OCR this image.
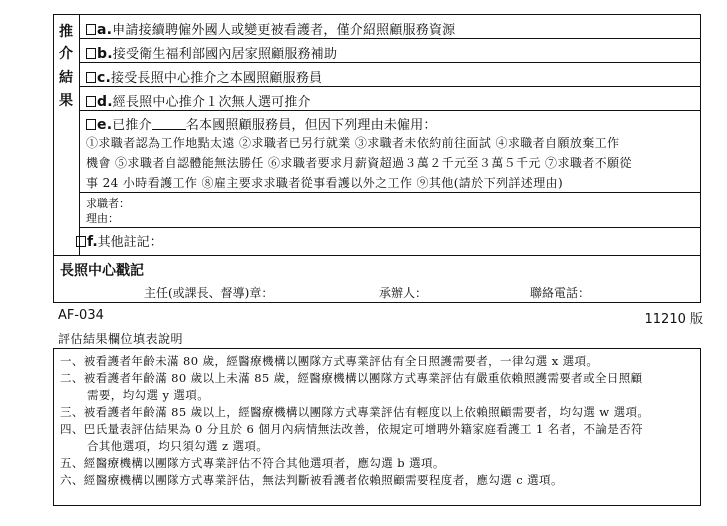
推
介
結
果
a.申請接續聘僱外國人或變更被看護者，僅介紹照顧服務資源
b.接受衛生福利部國內居家照顧服務補助
c.接受長照中心推介之本國照顧服務員
d.經長照中心推介１次無人選可推介
e.已推介	名本國照顧服務員，但因下列理由未僱用：
①求職者認為工作地點太遠 ②求職者已另行就業 ③求職者未依約前往面試 ④求職者自願放棄工作
機會 ⑤求職者自認體能無法勝任 ⑥求職者要求月薪資超過３萬２千元至３萬５千元 ⑦求職者不願從
事 24 小時看護工作 ⑧雇主要求求職者從事看護以外之工作 ⑨其他(請於下列詳述理由)
求職者：
理由：
f.其他註記：
長照中心戳記
主任(或課長、督導)章：	承辦人：	聯絡電話：
AF-034	11210 版
評估結果欄位填表說明
一、被看護者年齡未滿 80 歲，經醫療機構以團隊方式專業評估有全日照護需要者，一律勾選 x 選項。
二、被看護者年齡滿 80 歲以上未滿 85 歲，經醫療機構以團隊方式專業評估有嚴重依賴照護需要者或全日照顧
需要，均勾選 y 選項。
三、被看護者年齡滿 85 歲以上，經醫療機構以團隊方式專業評估有輕度以上依賴照顧需要者，均勾選 w 選項。
四、巴氏量表評估結果為 0 分且於 6 個月內病情無法改善，依規定可增聘外籍家庭看護工 1 名者，不論是否符
合其他選項，均只須勾選 z 選項。
五、經醫療機構以團隊方式專業評估不符合其他選項者，應勾選 b 選項。
六、經醫療機構以團隊方式專業評估，無法判斷被看護者依賴照顧需要程度者，應勾選 c 選項。
